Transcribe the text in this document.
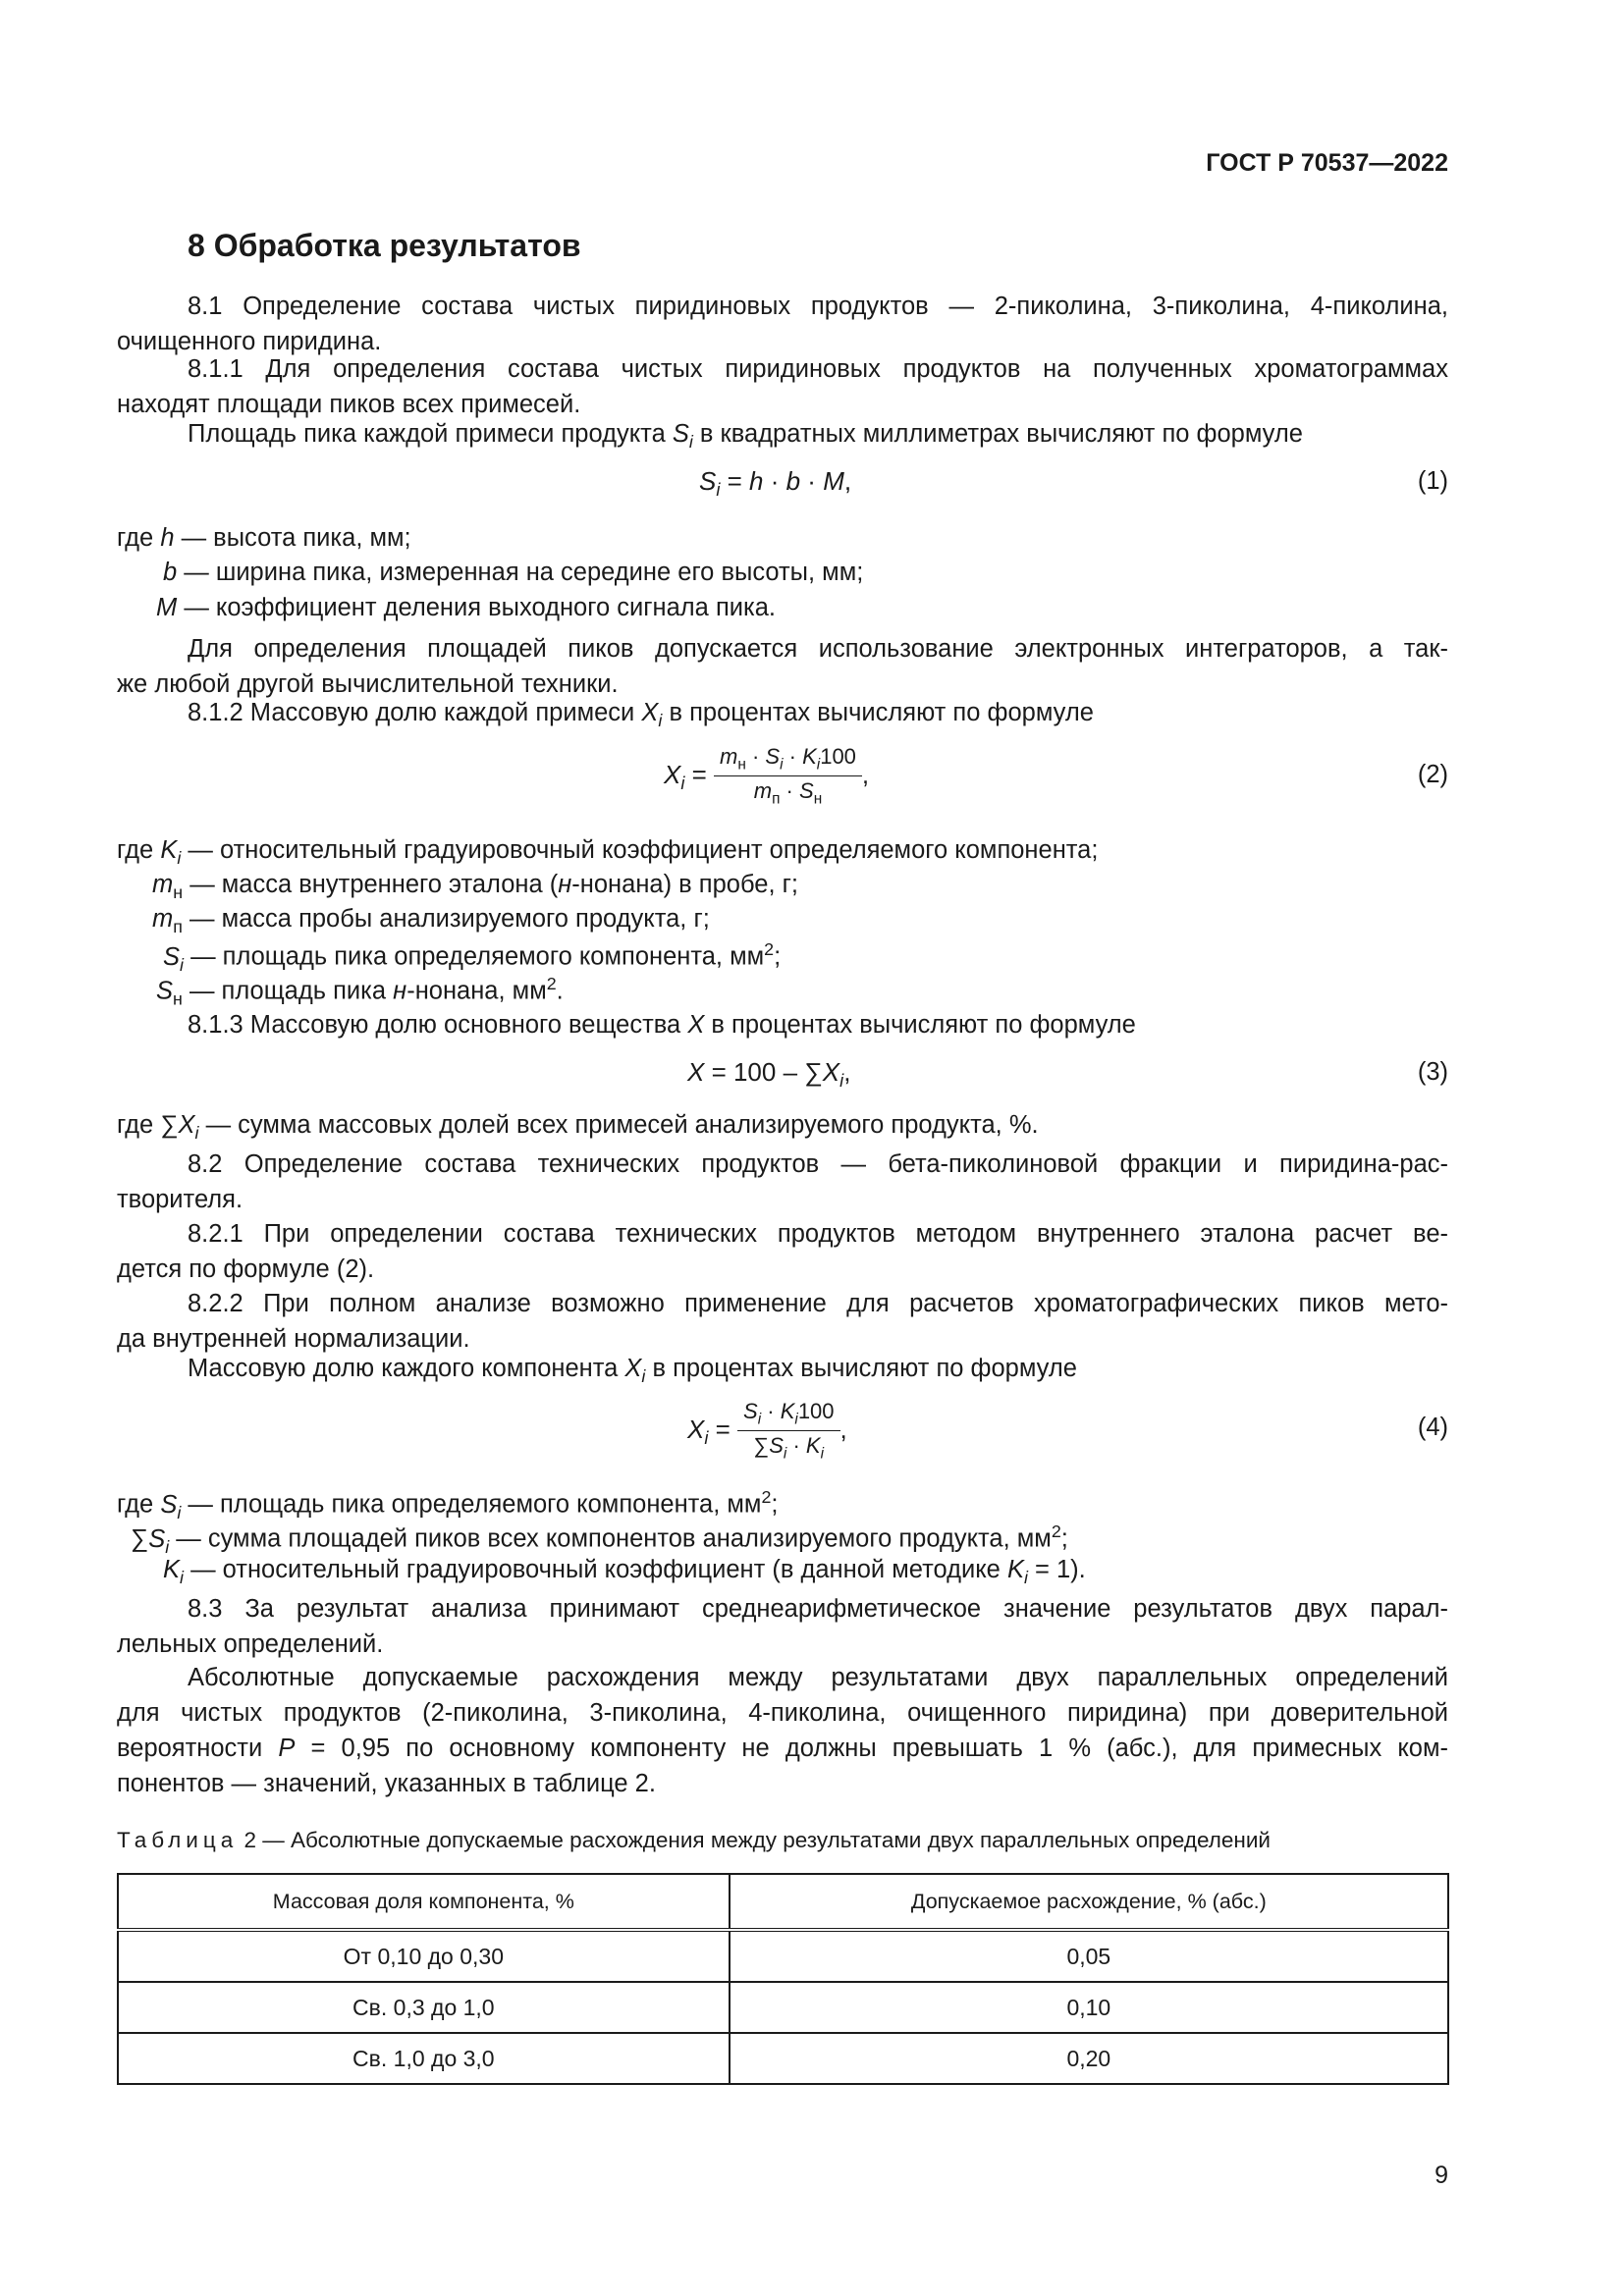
ГОСТ Р 70537—2022
8 Обработка результатов
8.1 Определение состава чистых пиридиновых продуктов — 2-пиколина, 3-пиколина, 4-пиколина,
очищенного пиридина.
8.1.1 Для определения состава чистых пиридиновых продуктов на полученных хроматограммах
находят площади пиков всех примесей.
Площадь пика каждой примеси продукта $S_i$ в квадратных миллиметрах вычисляют по формуле
$S_i = h \cdot b \cdot M$,	(1)
где h — высота пика, мм;
b — ширина пика, измеренная на середине его высоты, мм;
M — коэффициент деления выходного сигнала пика.
Для определения площадей пиков допускается использование электронных интеграторов, а так-
же любой другой вычислительной техники.
8.1.2 Массовую долю каждой примеси $X_i$ в процентах вычисляют по формуле
$X_i = \frac{m_н \cdot S_i \cdot K_i100}{m_п \cdot S_н}$ ,	(2)
где $K_i$ — относительный градуировочный коэффициент определяемого компонента;
$m_н$ — масса внутреннего эталона (н-нонана) в пробе, г;
$m_п$ — масса пробы анализируемого продукта, г;
$S_i$ — площадь пика определяемого компонента, $мм^2$;
$S_н$ — площадь пика н-нонана, $мм^2$.
8.1.3 Массовую долю основного вещества X в процентах вычисляют по формуле
$X = 100 - \sum X_i$,	(3)
где $\sum X_i$ — сумма массовых долей всех примесей анализируемого продукта, %.
8.2 Определение состава технических продуктов — бета-пиколиновой фракции и пиридина-рас-
творителя.
8.2.1 При определении состава технических продуктов методом внутреннего эталона расчет ве-
дется по формуле (2).
8.2.2 При полном анализе возможно применение для расчетов хроматографических пиков мето-
да внутренней нормализации.
Массовую долю каждого компонента $X_i$ в процентах вычисляют по формуле
$X_i = \frac{S_i \cdot K_i100}{\sum S_i \cdot K_i}$ ,	(4)
где $S_i$ — площадь пика определяемого компонента, $мм^2$;
$\sum S_i$ — сумма площадей пиков всех компонентов анализируемого продукта, $мм^2$;
$K_i$ — относительный градуировочный коэффициент (в данной методике $K_i = 1$).
8.3 За результат анализа принимают среднеарифметическое значение результатов двух парал-
лельных определений.
Абсолютные допускаемые расхождения между результатами двух параллельных определений
для чистых продуктов (2-пиколина, 3-пиколина, 4-пиколина, очищенного пиридина) при доверительной
вероятности P = 0,95 по основному компоненту не должны превышать 1 % (абс.), для примесных ком-
понентов — значений, указанных в таблице 2.
Таблица 2 — Абсолютные допускаемые расхождения между результатами двух параллельных определений
Массовая доля компонента, %	Допускаемое расхождение, % (абс.)
От 0,10 до 0,30	0,05
Св. 0,3 до 1,0	0,10
Св. 1,0 до 3,0	0,20
9
